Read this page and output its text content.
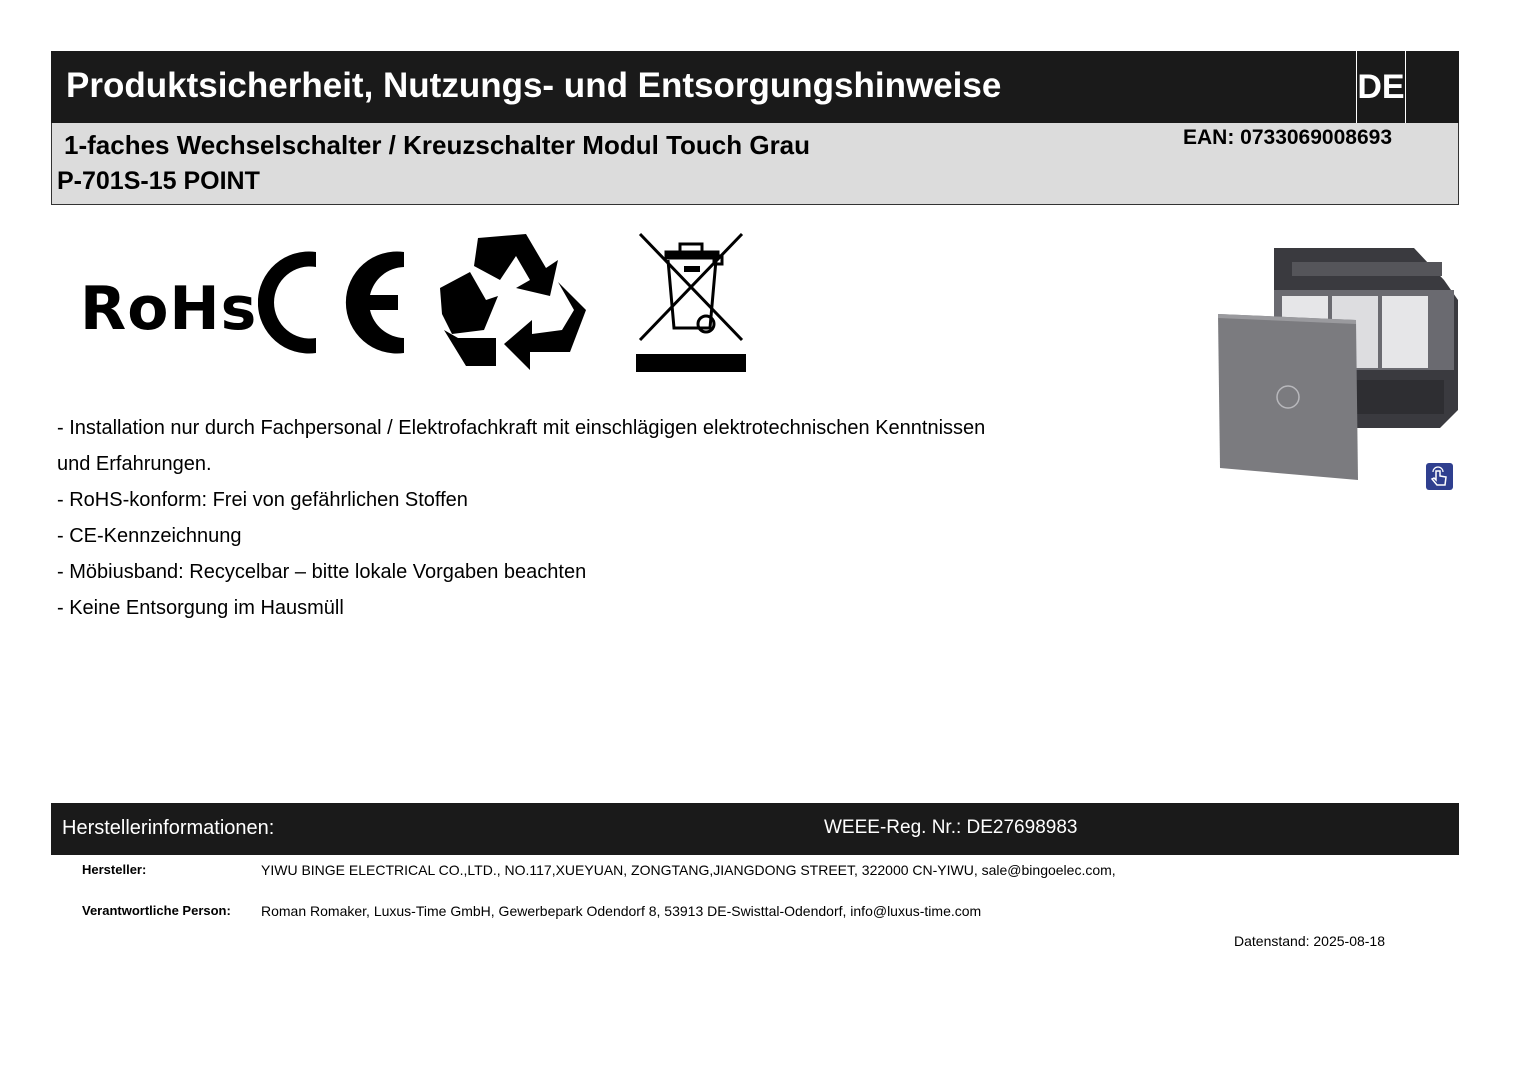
Produktsicherheit, Nutzungs- und Entsorgungshinweise	DE
1-faches Wechselschalter / Kreuzschalter Modul Touch Grau
P-701S-15 POINT
EAN: 0733069008693
RoHs
- Installation nur durch Fachpersonal / Elektrofachkraft mit einschlägigen elektrotechnischen Kenntnissen
und Erfahrungen.
- RoHS-konform: Frei von gefährlichen Stoffen
- CE-Kennzeichnung
- Möbiusband: Recycelbar – bitte lokale Vorgaben beachten
- Keine Entsorgung im Hausmüll
Herstellerinformationen:	WEEE-Reg. Nr.: DE27698983
Hersteller:	YIWU BINGE ELECTRICAL CO.,LTD., NO.117,XUEYUAN, ZONGTANG,JIANGDONG STREET, 322000 CN-YIWU, sale@bingoelec.com,
Verantwortliche Person: Roman Romaker, Luxus-Time GmbH, Gewerbepark Odendorf 8, 53913 DE-Swisttal-Odendorf, info@luxus-time.com
Datenstand: 2025-08-18
